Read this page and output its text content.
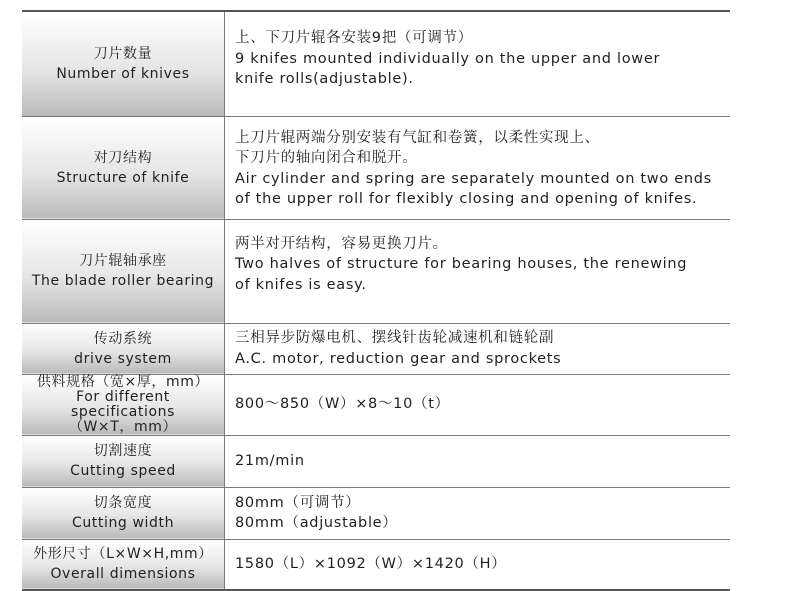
刀片数量
Number of knives	上、下刀片辊各安装9把（可调节）
9 knifes mounted individually on the upper and lower
knife rolls(adjustable).

对刀结构
Structure of knife	上刀片辊两端分别安装有气缸和卷簧，以柔性实现上、
下刀片的轴向闭合和脱开。
Air cylinder and spring are separately mounted on two ends
of the upper roll for flexibly closing and opening of knifes.

刀片辊轴承座
The blade roller bearing	两半对开结构，容易更换刀片。
Two halves of structure for bearing houses, the renewing
of knifes is easy.

传动系统
drive system	三相异步防爆电机、摆线针齿轮减速机和链轮副
A.C. motor, reduction gear and sprockets

供料规格（宽×厚，mm）
For different specifications
（W×T，mm）	800～850（W）×8～10（t）

切割速度
Cutting speed	21m/min

切条宽度
Cutting width	80mm（可调节）
80mm（adjustable）

外形尺寸（L×W×H,mm）
Overall dimensions	1580（L）×1092（W）×1420（H）
